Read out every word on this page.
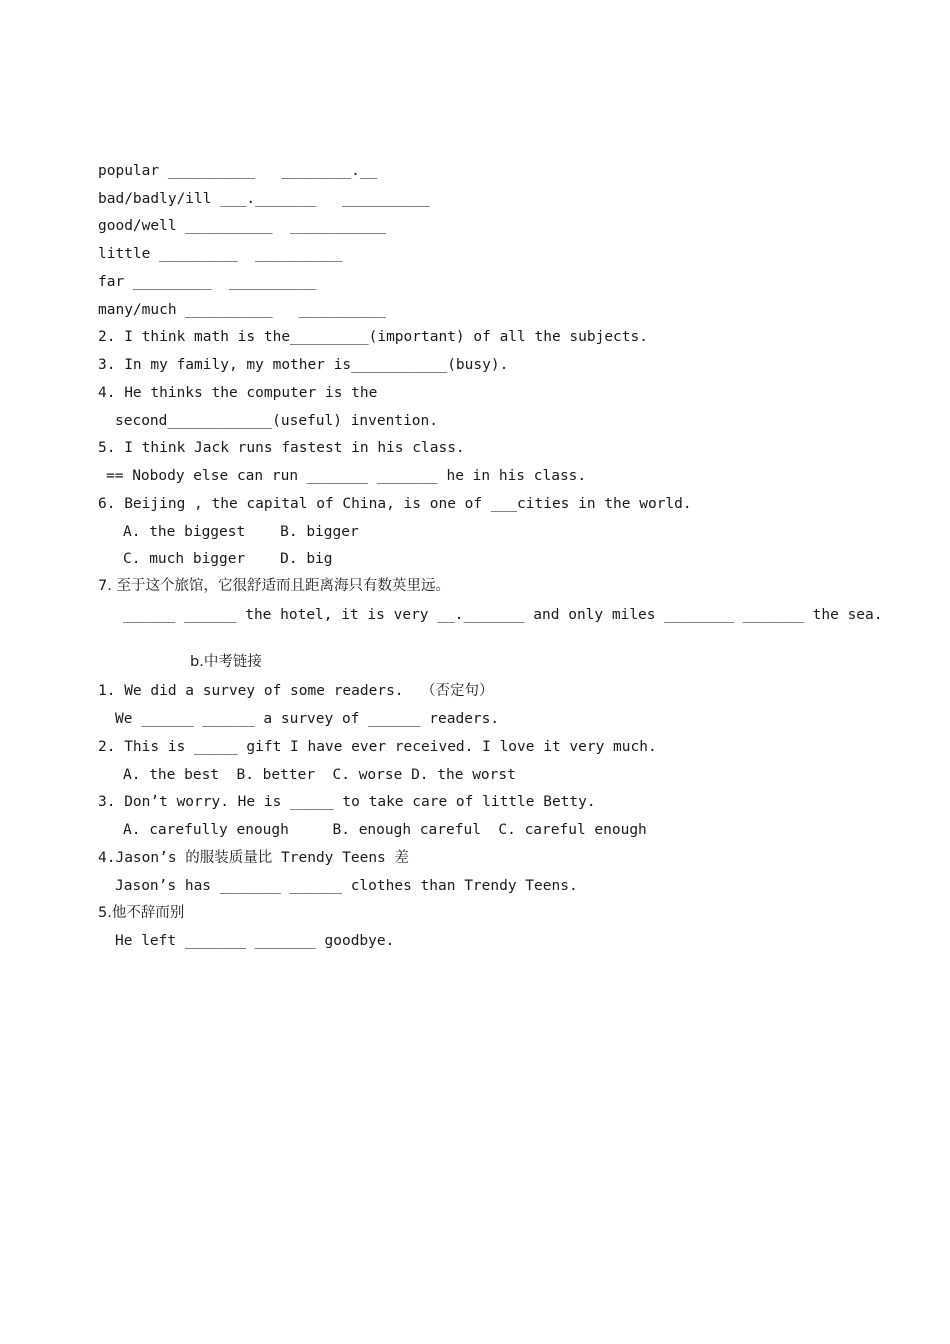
popular __________   ________.__
bad/badly/ill ___._______   __________
good/well __________  ___________
little _________  __________
far _________  __________
many/much __________   __________
2. I think math is the_________(important) of all the subjects.
3. In my family, my mother is___________(busy).
4. He thinks the computer is the
second____________(useful) invention.
5. I think Jack runs fastest in his class.
== Nobody else can run _______ _______ he in his class.
6. Beijing , the capital of China, is one of ___cities in the world.
A. the biggest    B. bigger
C. much bigger    D. big
7. 至于这个旅馆，它很舒适而且距离海只有数英里远。
______ ______ the hotel, it is very __._______ and only miles ________ _______ the sea.
b.中考链接
1. We did a survey of some readers.  （否定句）
We ______ ______ a survey of ______ readers.
2. This is _____ gift I have ever received. I love it very much.
A. the best  B. better  C. worse D. the worst
3. Don’t worry. He is _____ to take care of little Betty.
A. carefully enough     B. enough careful  C. careful enough
4.Jason’s 的服装质量比 Trendy Teens 差
Jason’s has _______ ______ clothes than Trendy Teens.
5.他不辞而别
He left _______ _______ goodbye.
